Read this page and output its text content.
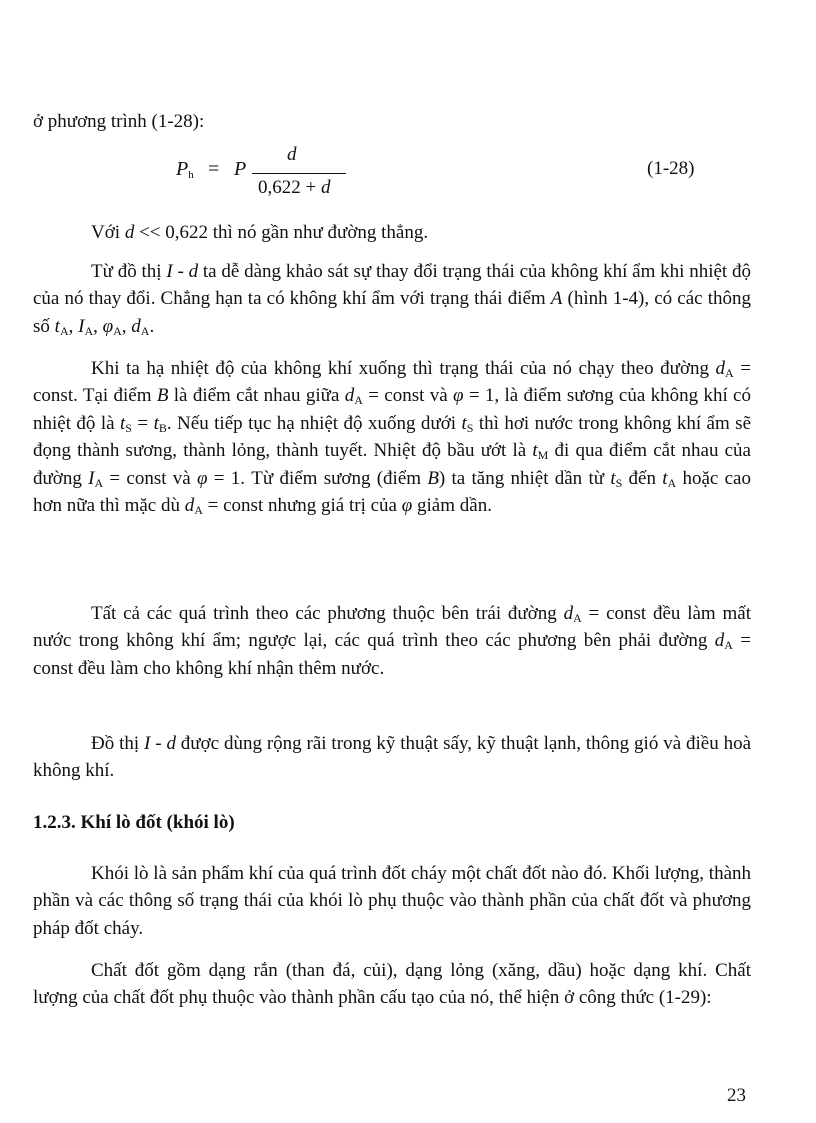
ở phương trình (1-28):

$P_h = P$
d
0,622 + d
(1-28)

Với d << 0,622 thì nó gần như đường thẳng.

Từ đồ thị I - d ta dễ dàng khảo sát sự thay đổi trạng thái của không khí ẩm khi nhiệt độ của nó thay đổi. Chẳng hạn ta có không khí ẩm với trạng thái điểm A (hình 1-4), có các thông số $t_A$, $I_A$, $\varphi_A$, $d_A$.

Khi ta hạ nhiệt độ của không khí xuống thì trạng thái của nó chạy theo đường $d_A$ = const. Tại điểm B là điểm cắt nhau giữa $d_A$ = const và φ = 1, là điểm sương của không khí có nhiệt độ là $t_S = t_B$. Nếu tiếp tục hạ nhiệt độ xuống dưới $t_S$ thì hơi nước trong không khí ẩm sẽ đọng thành sương, thành lỏng, thành tuyết. Nhiệt độ bầu ướt là $t_M$ đi qua điểm cắt nhau của đường $I_A$ = const và φ = 1. Từ điểm sương (điểm B) ta tăng nhiệt dần từ $t_S$ đến $t_A$ hoặc cao hơn nữa thì mặc dù $d_A$ = const nhưng giá trị của φ giảm dần.

Tất cả các quá trình theo các phương thuộc bên trái đường $d_A$ = const đều làm mất nước trong không khí ẩm; ngược lại, các quá trình theo các phương bên phải đường $d_A$ = const đều làm cho không khí nhận thêm nước.

Đồ thị I - d được dùng rộng rãi trong kỹ thuật sấy, kỹ thuật lạnh, thông gió và điều hoà không khí.

1.2.3. Khí lò đốt (khói lò)

Khói lò là sản phẩm khí của quá trình đốt cháy một chất đốt nào đó. Khối lượng, thành phần và các thông số trạng thái của khói lò phụ thuộc vào thành phần của chất đốt và phương pháp đốt cháy.

Chất đốt gồm dạng rắn (than đá, củi), dạng lỏng (xăng, dầu) hoặc dạng khí. Chất lượng của chất đốt phụ thuộc vào thành phần cấu tạo của nó, thể hiện ở công thức (1-29):

23
